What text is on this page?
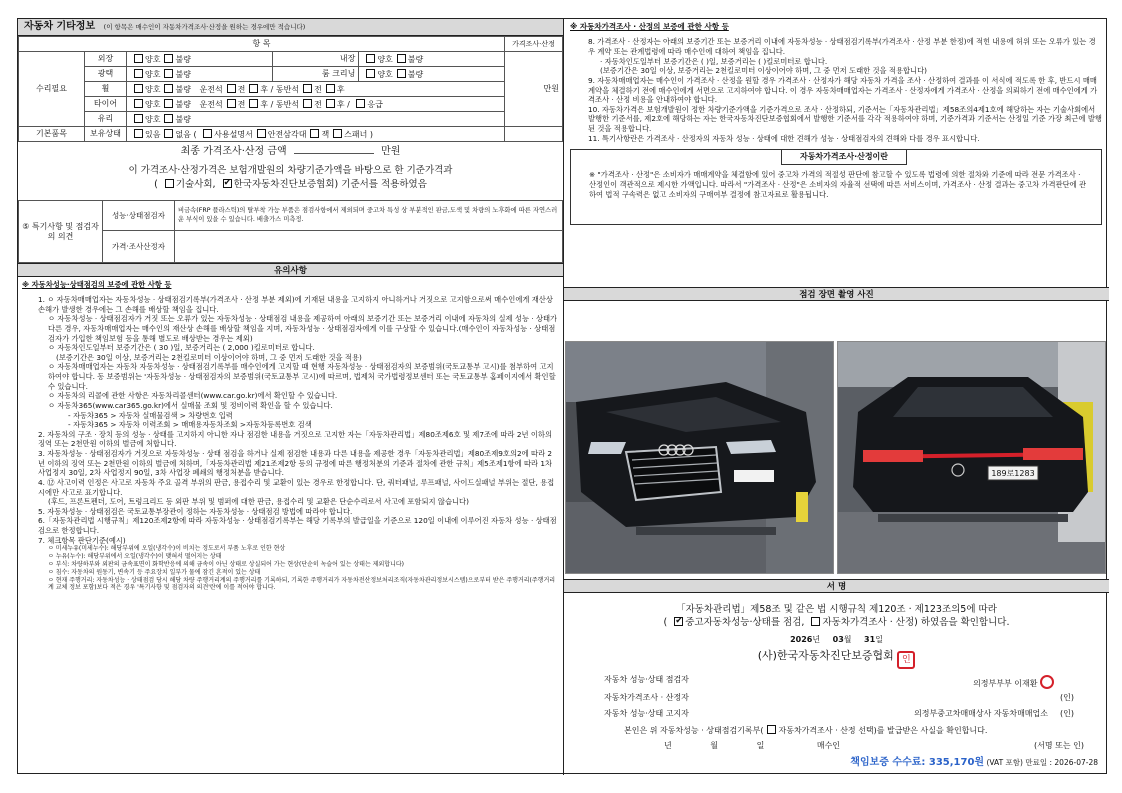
자동차 기타정보 (이 항목은 매수인이 자동차가격조사·산정을 원하는 경우에만 적습니다)
항 목					가격조사·산정
수리필요	외장	양호 불량	내장	양호 불량	만원
	광택	양호 불량	룸 크리닝	양호 불량	
	휠	양호 불량 운전석 전 후 / 동반석 전 후			
	타이어	양호 불량 운전석 전 후 / 동반석 전 후 / 응급			
	유리	양호 불량			
기본품목	보유상태	있음 없음 ( 사용설명서 안전삼각대 잭 스패너 )			
최종 가격조사·산정 금액	만원
이 가격조사·산정가격은 보험개발원의 차량기준가액을 바탕으로 한 기준가격과
( 기술사회, ✔ 한국자동차진단보증협회) 기준서를 적용하였음
⑤ 특기사항 및 점검자의 의견	성능·상태점검자	비금속(FRP 플라스틱)의 탈부착 가능 부품은 점검사항에서 제외되며 중고차 특성 상 부분적인 판금,도색 및 차량의 노후화에 따른 자연스러운 부식이 있을 수 있습니다. 배출가스 미측정.
	가격·조사산정자	
유의사항
※ 자동차성능·상태점검의 보증에 관한 사항 등
1. ㅇ 자동차매매업자는 자동차성능 · 상태점검기록부(가격조사 · 산정 부분 제외)에 기재된 내용을 고지하지 아니하거나 거짓으로 고지함으로써 매수인에게 재산상 손해가 발생한 경우에는 그 손해를 배상할 책임을 집니다.
ㅇ 자동차성능 · 상태점검자가 거짓 또는 오류가 있는 자동차성능 · 상태점검 내용을 제공하여 아래의 보증기간 또는 보증거리 이내에 자동차의 실제 성능 · 상태가 다른 경우, 자동차매매업자는 매수인의 재산상 손해를 배상할 책임을 지며, 자동차성능 · 상태점검자에게 이를 구상할 수 있습니다.(매수인이 자동차성능 · 상태점검자가 가입한 책임보험 등을 통해 별도로 배상받는 경우는 제외)
ㅇ 자동차인도일부터 보증기간은 ( 30 )일, 보증거리는 ( 2,000 )킬로미터로 합니다.
(보증기간은 30일 이상, 보증거리는 2천킬로미터 이상이어야 하며, 그 중 먼저 도래한 것을 적용)
ㅇ 자동차매매업자는 자동차 자동차성능 · 상태점검기록부를 매수인에게 고지할 때 현행 자동차성능 · 상태점검자의 보증범위(국토교통부 고시)를 첨부하여 고지하여야 합니다. 동 보증범위는 '자동차성능 · 상태점검자의 보증범위(국토교통부 고시)에 따르며, 법제처 국가법령정보센터 또는 국토교통부 홈페이지에서 확인할 수 있습니다.
ㅇ 자동차의 리콜에 관한 사항은 자동차리콜센터(www.car.go.kr)에서 확인할 수 있습니다.
ㅇ 자동차365(www.car365.go.kr)에서 실매물 조회 및 정비이력 확인을 할 수 있습니다.
- 자동차365 > 자동차 실매물검색 > 차량번호 입력
- 자동차365 > 자동차 이력조회 > 매매용자동차조회 >자동차등록번호 검색
2. 자동차의 구조 · 장치 등의 성능 · 상태를 고지하지 아니한 자나 점검한 내용을 거짓으로 고지한 자는「자동차관리법」제80조제6호 및 제7조에 따라 2년 이하의 징역 또는 2천만원 이하의 벌금에 처합니다.
3. 자동차성능 · 상태점검자가 거짓으로 자동차성능 · 상태 점검을 하거나 실제 점검한 내용과 다른 내용을 제공한 경우「자동차관리법」제80조제9호의2에 따라 2년 이하의 징역 또는 2천만원 이하의 벌금에 처하며,「자동차관리법 제21조제2항 등의 규정에 따른 행정처분의 기준과 절차에 관한 규칙」제5조제1항에 따라 1차 사업정지 30일, 2차 사업정지 90일, 3차 사업장 폐쇄의 행정처분을 받습니다.
4. ⑫ 사고이력 인정은 사고로 자동차 주요 골격 부위의 판금, 용접수리 및 교환이 있는 경우로 한정합니다. 단, 쿼터패널, 루프패널, 사이드실패널 부위는 절단, 용접 시에만 사고로 표기합니다.
(후드, 프론트펜더, 도어, 트렁크리드 등 외판 부위 및 범퍼에 대한 판금, 용접수리 및 교환은 단순수리로서 사고에 포함되지 않습니다)
5. 자동차성능 · 상태점검은 국토교통부장관이 정하는 자동차성능 · 상태점검 방법에 따라야 합니다.
6.「자동차관리법 시행규칙」제120조제2항에 따라 자동차성능 · 상태점검기록부는 해당 기록부의 발급일을 기준으로 120일 이내에 이루어진 자동차 성능 · 상태점검으로 한정합니다.
7. 체크항목 판단기준(예시)
ㅇ 미세누유(미세누수): 해당부위에 오일(냉각수)이 비치는 정도로서 부품 노후로 인한 현상
ㅇ 누유(누수): 해당부위에서 오일(냉각수)이 맺혀서 떨어지는 상태
ㅇ 부식: 차량하부와 외판의 금속표면이 화학반응에 의해 금속이 아닌 상태로 상실되어 가는 현상(단순히 녹슬어 있는 상태는 제외합니다)
ㅇ 침수: 자동차의 원동기, 변속기 등 주요장치 일부가 물에 잠긴 흔적이 있는 상태
ㅇ 현재 주행거리: 자동차성능 · 상태점검 당시 해당 차량 주행거리계의 주행거리를 기록하되, 기록한 주행거리가 자동차전산정보처리조직(자동차관리정보시스템)으로부터 받은 주행거리(주행거리계 교체 정보 포함)보다 적은 경우 '특기사항 및 점검자의 의견'란에 이를 적어야 합니다.
※ 자동차가격조사 · 산정의 보증에 관한 사항 등
8. 가격조사 · 산정자는 아래의 보증기간 또는 보증거리 이내에 자동차성능 · 상태점검기록부(가격조사 · 산정 부분 한정)에 적힌 내용에 허위 또는 오류가 있는 경우 계약 또는 관계법령에 따라 매수인에 대하여 책임을 집니다.
· 자동차인도일부터 보증기간은 ( )일, 보증거리는 ( )킬로미터로 합니다.
(보증기간은 30일 이상, 보증거리는 2천킬로미터 이상이어야 하며, 그 중 먼저 도래한 것을 적용합니다)
9. 자동차매매업자는 매수인이 가격조사 · 산정을 원할 경우 가격조사 · 산정자가 해당 자동차 가격을 조사 · 산정하여 결과를 이 서식에 적도록 한 후, 반드시 매매계약을 체결하기 전에 매수인에게 서면으로 고지하여야 합니다. 이 경우 자동차매매업자는 가격조사 · 산정자에게 가격조사 · 산정을 의뢰하기 전에 매수인에게 가격조사 · 산정 비용을 안내하여야 합니다.
10. 자동차가격은 보험개발원이 정한 차량기준가액을 기준가격으로 조사 · 산정하되, 기준서는「자동차관리법」제58조의4제1호에 해당하는 자는 기술사회에서 발행한 기준서를, 제2호에 해당하는 자는 한국자동차진단보증협회에서 발행한 기준서를 각각 적용하여야 하며, 기준가격과 기준서는 산정일 기준 가장 최근에 발행된 것을 적용합니다.
11. 특기사항란은 가격조사 · 산정자의 자동차 성능 · 상태에 대한 견해가 성능 · 상태점검자의 견해와 다를 경우 표시합니다.
자동차가격조사·산정이란
※ "가격조사 · 산정"은 소비자가 매매계약을 체결함에 있어 중고차 가격의 적절성 판단에 참고할 수 있도록 법령에 의한 절차와 기준에 따라 전문 가격조사 · 산정인이 객관적으로 제시한 가액입니다. 따라서 "가격조사 · 산정"은 소비자의 자율적 선택에 따른 서비스이며, 가격조사 · 산정 결과는 중고차 가격판단에 관하여 법적 구속력은 없고 소비자의 구매여부 결정에 참고자료로 활용됩니다.
점검 장면 촬영 사진
189로1283
서 명
「자동차관리법」제58조 및 같은 법 시행규칙 제120조 · 제123조의5에 따라
( ✔중고자동차성능·상태를 점검, 자동차가격조사 · 산정) 하였음을 확인합니다.
2026년 03월 31일
(사)한국자동차진단보증협회 인
자동차 성능·상태 점검자	의정부부부 이재환
자동차가격조사 · 산정자	(인)
자동차 성능·상태 고지자	의정부중고차매매상사 자동차매매업소 (인)
본인은 위 자동차성능 · 상태점검기록부( 자동차가격조사 · 산정 선택)를 발급받은 사실을 확인합니다.
년	월	일	매수인	(서명 또는 인)
책임보증 수수료: 335,170원 (VAT 포함) 만료일 : 2026-07-28
